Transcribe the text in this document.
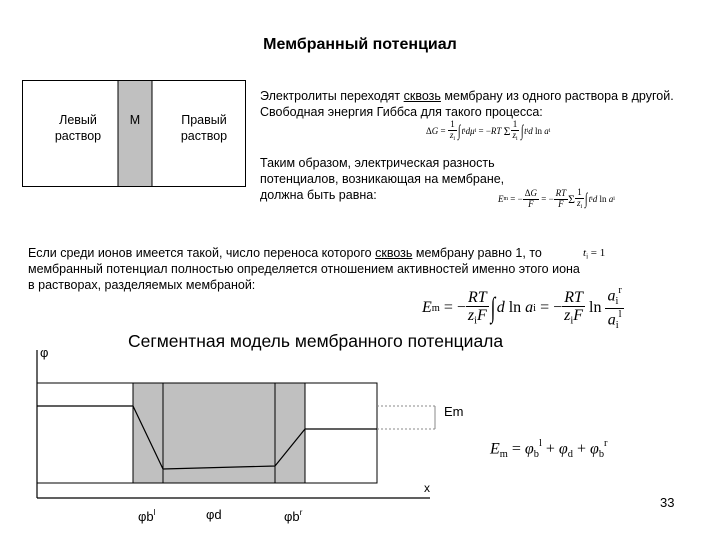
Мембранный потенциал
Левый раствор
M	Правый раствор
Электролиты переходят сквозь мембрану из одного раствора в другой. Свободная энергия Гиббса для такого процесса:
Δ $G = \frac{1}{z_i}$ ∫ t i dμ i = − RT
Σ $\frac{1}{z_i}$ ∫ t i d ln a i
Таким образом, электрическая разность потенциалов, возникающая на мембране, должна быть равна:	E m = − $\frac{\Delta G}{F}$ = − $\frac{RT}{F}$ Σ $\frac{1}{z_i}$ ∫ t i d ln a i
Если среди ионов имеется такой, число переноса которого сквозь мембрану равно 1, то мембранный потенциал полностью определяется отношением активностей именно этого иона в растворах, разделяемых мембраной:
$t_i = 1$
E m = − $\frac{RT}{z_iF}$ ∫ d ln a i = − $\frac{RT}{z_iF}$ $\ln \frac{a_i^r}{a_i^l}$
Сегментная модель мембранного потенциала
φ
x
Em
$\varphi b^l$	φd	$\varphi b^r$
$E_m = \varphi_b^l + \varphi_d + \varphi_b^r$
33
